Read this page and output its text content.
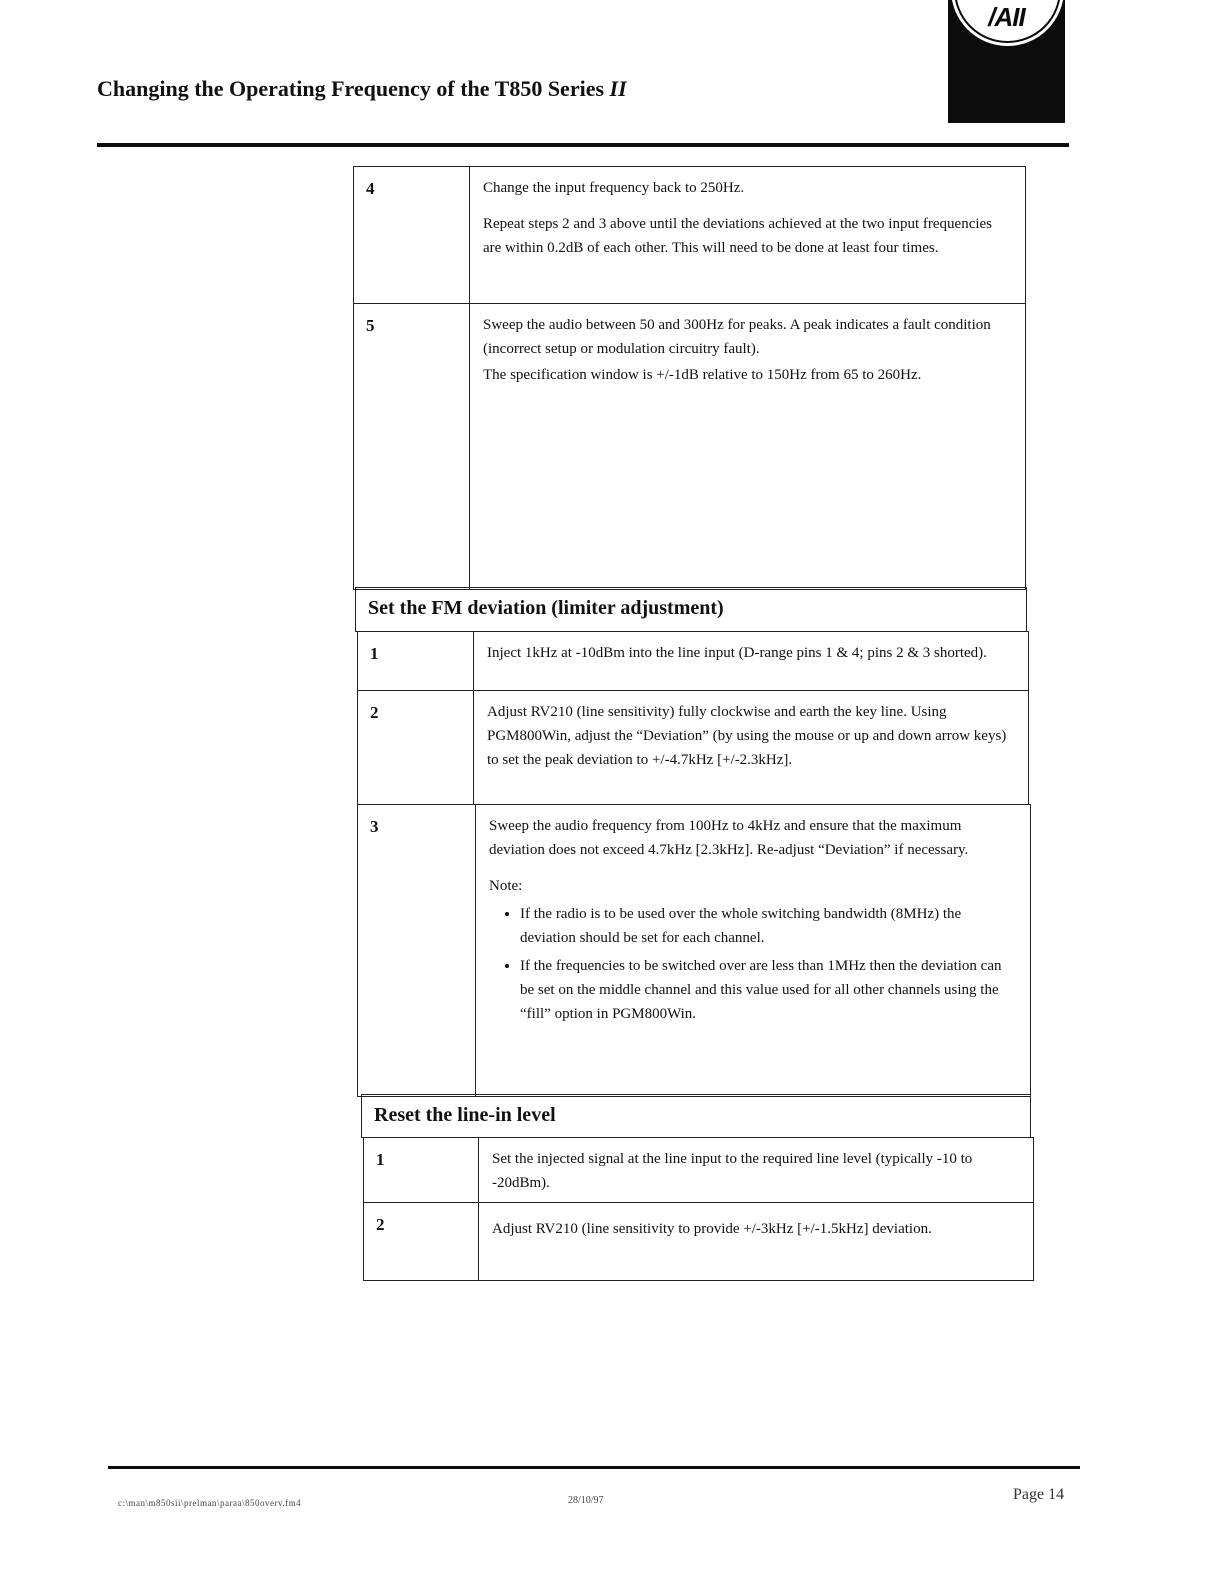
Changing the Operating Frequency of the T850 Series II
/AII
4	Change the input frequency back to 250Hz.

Repeat steps 2 and 3 above until the deviations achieved at the two input frequencies are within 0.2dB of each other. This will need to be done at least four times.

5	Sweep the audio between 50 and 300Hz for peaks. A peak indicates a fault condition (incorrect setup or modulation circuitry fault).

The specification window is +/-1dB relative to 150Hz from 65 to 260Hz.

Set the FM deviation (limiter adjustment)
1	Inject 1kHz at -10dBm into the line input (D-range pins 1 & 4; pins 2 & 3 shorted).
2	Adjust RV210 (line sensitivity) fully clockwise and earth the key line. Using PGM800Win, adjust the “Deviation” (by using the mouse or up and down arrow keys) to set the peak deviation to +/-4.7kHz [+/-2.3kHz].
3	Sweep the audio frequency from 100Hz to 4kHz and ensure that the maximum deviation does not exceed 4.7kHz [2.3kHz]. Re-adjust “Deviation” if necessary.

Note:

• If the radio is to be used over the whole switching bandwidth (8MHz) the deviation should be set for each channel.
• If the frequencies to be switched over are less than 1MHz then the deviation can be set on the middle channel and this value used for all other channels using the “fill” option in PGM800Win.
Reset the line-in level
1	Set the injected signal at the line input to the required line level (typically -10 to -20dBm).
2	Adjust RV210 (line sensitivity to provide +/-3kHz [+/-1.5kHz] deviation.
c:\man\m850sii\prelman\paraa\850overv.fm4	28/10/97	Page 14
